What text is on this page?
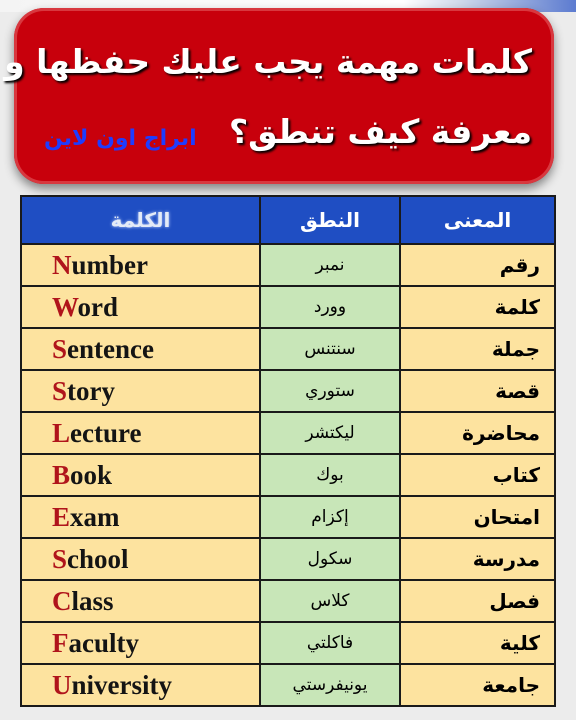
كلمات مهمة يجب عليك حفظها و
معرفة كيف تنطق؟
ابراج اون لاين
الكلمة	النطق	المعنى
Number	نمبر	رقم
Word	وورد	كلمة
Sentence	سنتنس	جملة
Story	ستوري	قصة
Lecture	ليكتشر	محاضرة
Book	بوك	كتاب
Exam	إكزام	امتحان
School	سكول	مدرسة
Class	كلاس	فصل
Faculty	فاكلتي	كلية
University	يونيفرستي	جامعة
